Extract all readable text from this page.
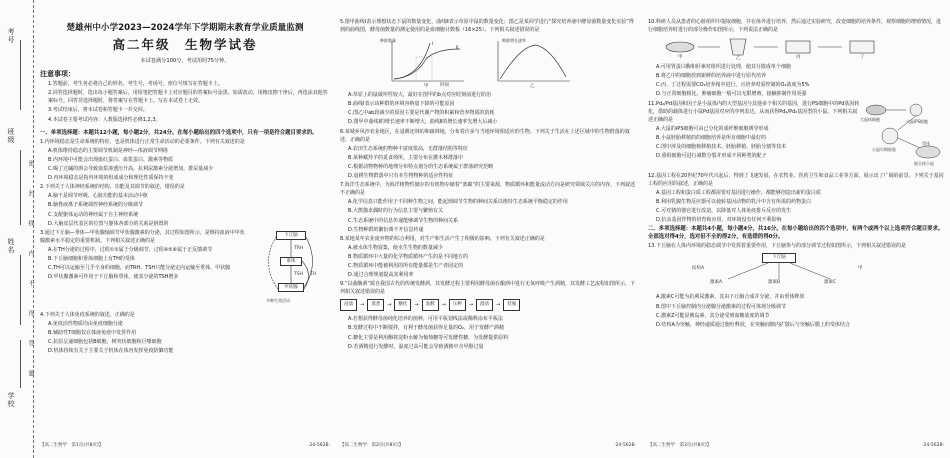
考号
班级
姓名
学校
密
封
线
内
不
得
答
题
楚雄州中小学2023—2024学年下学期期末教育学业质量监测
高二年级　生物学试卷
本试卷满分100分，考试用时75分钟。
注意事项：
1.答题前，考生务必将自己的姓名、考生号、考场号、座位号填写在答题卡上。
2.回答选择题时，选出每小题答案后，用铅笔把答题卡上对应题目的答案标号涂黑。如需改动，用橡皮擦干净后，再选涂其他答案标号。回答非选择题时，将答案写在答题卡上。写在本试卷上无效。
3.考试结束后，将本试卷和答题卡一并交回。
4.本试卷主要考试内容：人教版选择性必修1,2,3。
一、单项选择题：本题共12小题，每小题2分，共24分。在每小题给出的四个选项中，只有一项是符合题目要求的。
1.内环境稳态是生命系统的特征，也是机体进行正常生命活动的必要条件。下列有关叙述的是
A.机体维持稳态的主要调节机制是神经—体液调节网络
B.内环境中可能会出现血红蛋白、血浆蛋白、激素等物质
C.喝了过碱的酒会导致血浆渗透压升高，抗利尿激素分泌增加，排尿量减少
D.内环境稳态是指内环境的组成成分和理化性质保持不变
2.下列关于人体神经系统的结构、功能及其调节的叙述，错误的是
A.脑干是调节呼吸、心脏功能的基本活动中枢
B.脑脊液离子系统调控神经系统的分级调节
C.支配躯体运动的神经属于自主神经系统
D.大脑皮层代表区的位置与躯体各部分的关系是倒置的
3.通过下丘脑—垂体—甲状腺轴调节甲状腺激素的分泌，其过程如图所示，是维持血液中甲状腺激素水平稳定的重要机制。下列相关叙述正确的是
A.在TH分泌的过程中，过程①②属于分级调节，过程④⑤⑥属于正反馈调节
B.下丘脑细胞和垂体细胞上有TH的受体
C.TH可以运输至几乎全身的细胞，而TRH、TSH只能分泌定向运输至垂体、甲状腺
D.甲状腺激素可作用于下丘脑和垂体，使其分泌的TSH增多
下丘脑
垂体
甲状腺
TRH
TSH TH
多种生命活动
4.下列关于人体免疫系统的叙述，正确的是
A.免疫活性物质均由免疫细胞分泌
B.辅助性T细胞仅在体液免疫中发挥作用
C.抗原呈递细胞包括B细胞、树突状细胞和巨噬细胞
D.机体持续有关于主要关于机体在体内发挥免疫防御功能
【高二生物学　第1页(共8页)】	·24-562B·
5.图甲曲线Ⅰ表示理想状态下鼠的数量变化，曲线Ⅱ表示草原中鼠的数量变化；图乙是某同学进行“探究培养液中酵母菌数量变化实验”得到的曲线图，酵母菌数量的测定使用的是血细胞计数板（16×25）。下列相关叙述错误的是
种群数量
Ⅰ
Ⅱ
时间
甲	乙
种群增长速率
A.草原上的鼠破坏性较大，最好在图甲的b点对应时刻前进行防治
B.曲线Ⅰ表示该种群的环境容纳量下降的可能原因
C.图乙中ab段减少的原因主要是代谢产物的积累和营养物质的消耗
D.图甲中曲线Ⅰ的增长速率不断增大，曲线Ⅱ的增长速率先增大后减小
6.某城乡风沙农业地区，在退耕还林的和疏林地，分布着许多与当地环境相适应的生物。下列关于生活在上述区域中的生物群落的叙述，正确的是
A.农田生态系统的物种丰富度很高，无群落结构等特征
B.某种藏羚羊的觅食场所，主要分布在灌木林群落中
C.根据动物物种的地理分布特点划分的生态系统属于群落研究范畴
D.退耕生物群落中只有本生物物种的适应性特征
7.海洋生态系统中，为海洋植物性储存的有机物存储着“蓝碳”的主要来源，物质循环和能量流动方向是研究领域关注的内容。下列叙述不正确的是
A.化学信息只能作用于不同种生物之间，能起到调节生物的种间关系以维持生态系统平衡稳定的作用
B.大熊猫求偶时的行为信息主要与繁殖有关
C.生态系统中的信息传递能够调节生物的种间关系
D.生物种群的繁衍离不开信息传递
8.某地某年农业废弃物的综合利用，对生产和生活产生了积极的影响。下列有关叙述正确的是
A.被水体生物富集，使水生生物的数量减少
B.物质循环中大量的化学物质循环产生的是不同地方的
C.物质循环中能被利用的所有能量都是生产者固定的
D.通过合理规划提高其利用率
9.“以曲酶酒”源自我国古代的传统发酵酒，其发酵过程主要利用酵母菌在酿酒中进行无氧呼吸产生酒精，其发酵工艺流程如图所示，下列相关叙述错误的是
浸渍	→	蒸煮	→	糖化	→	发酵	→	压榨	→	澄清	→	装瓶
A.若想获得酵母菌纯化培养的菌种，可用平板划线法或稀释涂布平板法
B.发酵过程中不断搅拌，有利于酵母菌获得足量的O₂，用于发酵产酒精
C.糖化主要是利用酶将淀粉水解为葡萄糖等可发酵性糖，为发酵提供原料
D.若酒精进行发酵时，温度过高可能会导致酒精中含甲醇过量
【高二生物学　第2页(共8页)】	·24-562B·
10.科研人员从患者的心脏组织中提取细胞，并在体外进行培养，然后通过实验研究，改变细胞的培养条件，观察细胞的增殖情况，进行细胞培养时进行的部分操作如图所示，下列说法正确的是
甲	乙	丙	丁
A.可用胃蛋白酶和肝素对组织进行处理，使其分散成单个细胞
B.将乙中的细胞放到新鲜的培养液中进行原代培养
C.丙、丁过程需要CO₂培养箱中进行，且培养时需控制的O₂浓度为5%
D.与正常细胞相比，肿瘤细胞一般可以无限增殖，接触抑制作用更强
11.Pd₂/Pd基因和因子是小鼠体内的大型基因与其他多个相关的基因，进行PS细胞中的Pd基因转化，借助的载体进行小鼠Pd基因对应的序列表达，从而获得Pd₂/Pd₂基因型的小鼠。下列相关叙述正确的是
A.大鼠的iPS细胞可由已分化的成纤维细胞诱导形成
B.小鼠胚胎移植的的细胞培养是所有细胞中最好的
C.图中涉及的细胞核移植技术、胚胎移植、胚胎分割等技术
D.重组细胞可进行减数分裂并形成不同种类的配子
大鼠体细胞	大鼠iPS细胞
小鼠早期胚胎
受体
嵌合体小鼠
12.基因工程在20世纪70年代兴起后，得到了飞速发展，在农牧业、医药卫生和食品工业等方面，展示出了广阔的前景。下列关于基因工程的应用的叙述，正确的是
A.基因工程和蛋白质工程都需要对基因进行操作，都能够创造出新的蛋白质
B.利用乳腺生物反应器可以使转基因动物的乳汁中含有所需的药物蛋白
C.可对猪的器官进行改造，以降低对人体免疫排斥反应的发生
D.抗虫基因作物的培育和应用，对环境没有任何不利影响
二、多项选择题：本题共4小题，每小题4分，共16分。在每小题给出的四个选项中，有两个或两个以上选项符合题目要求。全部选对得4分，选对但不全的得2分，有选错的得0分。
13.下丘脑在人体内环境的稳态调节中发挥着重要作用，下丘脑参与的部分调节过程如图所示，下列相关叙述错误的是
下丘脑
激素A	激素B	激素C
甲
结构A
A.激素C可能为抗利尿激素，其由下丘脑合成并分泌，并由垂体释放
B.图中下丘脑控制内分泌腺分泌激素的过程可体现分级调节
C.激素Z可能是胰岛素，其分泌受到血糖浓度的调节
D.结构A为突触，神经递质通过胞吐释放，在突触间隙内扩散后与突触后膜上的受体结合
【高二生物学　第3页(共8页)】	·24-562B·
